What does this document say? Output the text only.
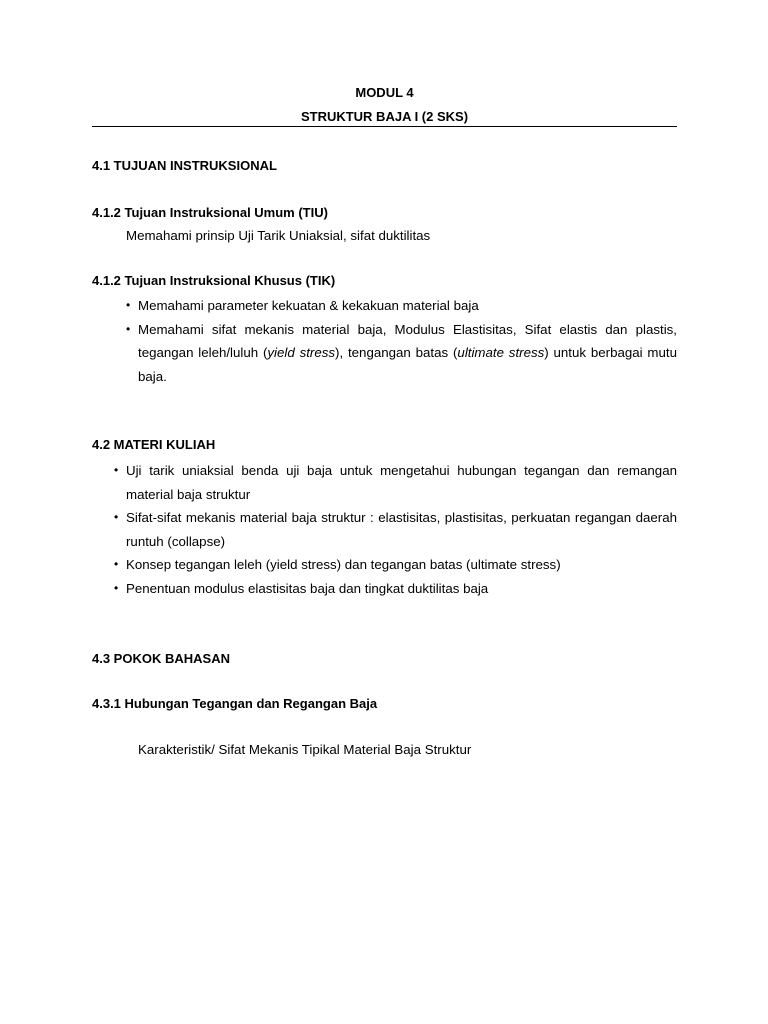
MODUL 4
STRUKTUR BAJA I (2 SKS)
4.1 TUJUAN INSTRUKSIONAL
4.1.2 Tujuan Instruksional Umum (TIU)
Memahami prinsip Uji Tarik Uniaksial, sifat duktilitas
4.1.2 Tujuan Instruksional Khusus (TIK)
• Memahami parameter kekuatan & kekakuan material baja
• Memahami sifat mekanis material baja, Modulus Elastisitas, Sifat elastis dan plastis, tegangan leleh/luluh (yield stress), tengangan batas (ultimate stress) untuk berbagai mutu baja.
4.2 MATERI KULIAH
• Uji tarik uniaksial benda uji baja untuk mengetahui hubungan tegangan dan remangan material baja struktur
• Sifat-sifat mekanis material baja struktur : elastisitas, plastisitas, perkuatan regangan daerah runtuh (collapse)
• Konsep tegangan leleh (yield stress) dan tegangan batas (ultimate stress)
• Penentuan modulus elastisitas baja dan tingkat duktilitas baja
4.3 POKOK BAHASAN
4.3.1 Hubungan Tegangan dan Regangan Baja
Karakteristik/ Sifat Mekanis Tipikal Material Baja Struktur
